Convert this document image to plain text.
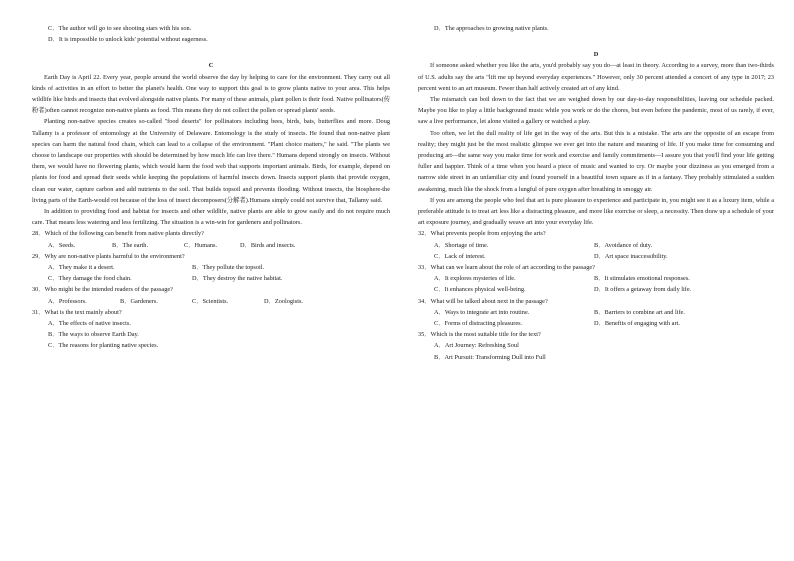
C．The author will go to see shooting stars with his son.
D．It is impossible to unlock kids' potential without eagerness.
C

Earth Day is April 22. Every year, people around the world observe the day by helping to care for the environment. They carry out all kinds of activities in an effort to better the planet's health. One way to support this goal is to grow plants native to your area. This helps wildlife like birds and insects that evolved alongside native plants. For many of these animals, plant pollen is their food. Native pollinators(传粉者)often cannot recognize non-native plants as food. This means they do not collect the pollen or spread plants' seeds.

Planting non-native species creates so-called "food deserts" for pollinators including bees, birds, bats, butterflies and more. Doug Tallamy is a professor of entomology at the University of Delaware. Entomology is the study of insects. He found that non-native plant species can harm the natural food chain, which can lead to a collapse of the environment. "Plant choice matters," he said. "The plants we choose to landscape our properties with should be determined by how much life can live there." Humans depend strongly on insects. Without them, we would have no flowering plants, which would harm the food web that supports important animals. Birds, for example, depend on plants for food and spread their seeds while keeping the populations of harmful insects down. Insects support plants that provide oxygen, clean our water, capture carbon and add nutrients to the soil. That builds topsoil and prevents flooding. Without insects, the biosphere-the living parts of the Earth-would rot because of the loss of insect decomposers(分解者).Humans simply could not survive that, Tallamy said.

In addition to providing food and habitat for insects and other wildlife, native plants are able to grow easily and do not require much care. That means less watering and less fertilizing. The situation is a win-win for gardeners and pollinators.

28．Which of the following can benefit from native plants directly?
A．Seeds.	B．The earth.	C．Humans.	D．Birds and insects.
29．Why are non-native plants harmful to the environment?
A．They make it a desert.	B．They pollute the topsoil.
C．They damage the food chain.	D．They destroy the native habitat.
30．Who might be the intended readers of the passage?
A．Professors.	B．Gardeners.	C．Scientists.	D．Zoologists.
31．What is the text mainly about?
A．The effects of native insects.
B．The ways to observe Earth Day.
C．The reasons for planting native species.
D．The approaches to growing native plants.
D

If someone asked whether you like the arts, you'd probably say you do—at least in theory. According to a survey, more than two-thirds of U.S. adults say the arts "lift me up beyond everyday experiences." However, only 30 percent attended a concert of any type in 2017; 23 percent went to an art museum. Fewer than half actively created art of any kind.

The mismatch can boil down to the fact that we are weighed down by our day-to-day responsibilities, leaving our schedule packed. Maybe you like to play a little background music while you work or do the chores, but even before the pandemic, most of us rarely, if ever, saw a live performance, let alone visited a gallery or watched a play.

Too often, we let the dull reality of life get in the way of the arts. But this is a mistake. The arts are the opposite of an escape from reality; they might just be the most realistic glimpse we ever get into the nature and meaning of life. If you make time for consuming and producing art—the same way you make time for work and exercise and family commitments—I assure you that you'll find your life getting fuller and happier. Think of a time when you heard a piece of music and wanted to cry. Or maybe your dizziness as you emerged from a narrow side street in an unfamiliar city and found yourself in a beautiful town square as if in a fantasy. They probably stimulated a sudden awakening, much like the shock from a lungful of pure oxygen after breathing in smoggy air.

If you are among the people who feel that art is pure pleasure to experience and participate in, you might see it as a luxury item, while a preferable attitude is to treat art less like a distracting pleasure, and more like exercise or sleep, a necessity. Then draw up a schedule of your art exposure journey, and gradually weave art into your everyday life.

32．What prevents people from enjoying the arts?
A．Shortage of time.	B．Avoidance of duty.
C．Lack of interest.	D．Art space inaccessibility.
33．What can we learn about the role of art according to the passage?
A．It explores mysteries of life.	B．It stimulates emotional responses.
C．It enhances physical well-being.	D．It offers a getaway from daily life.
34．What will be talked about next in the passage?
A．Ways to integrate art into routine.	B．Barriers to combine art and life.
C．Forms of distracting pleasures.	D．Benefits of engaging with art.
35．Which is the most suitable title for the text?
A．Art Journey: Refreshing Soul
B．Art Pursuit: Transforming Dull into Full
